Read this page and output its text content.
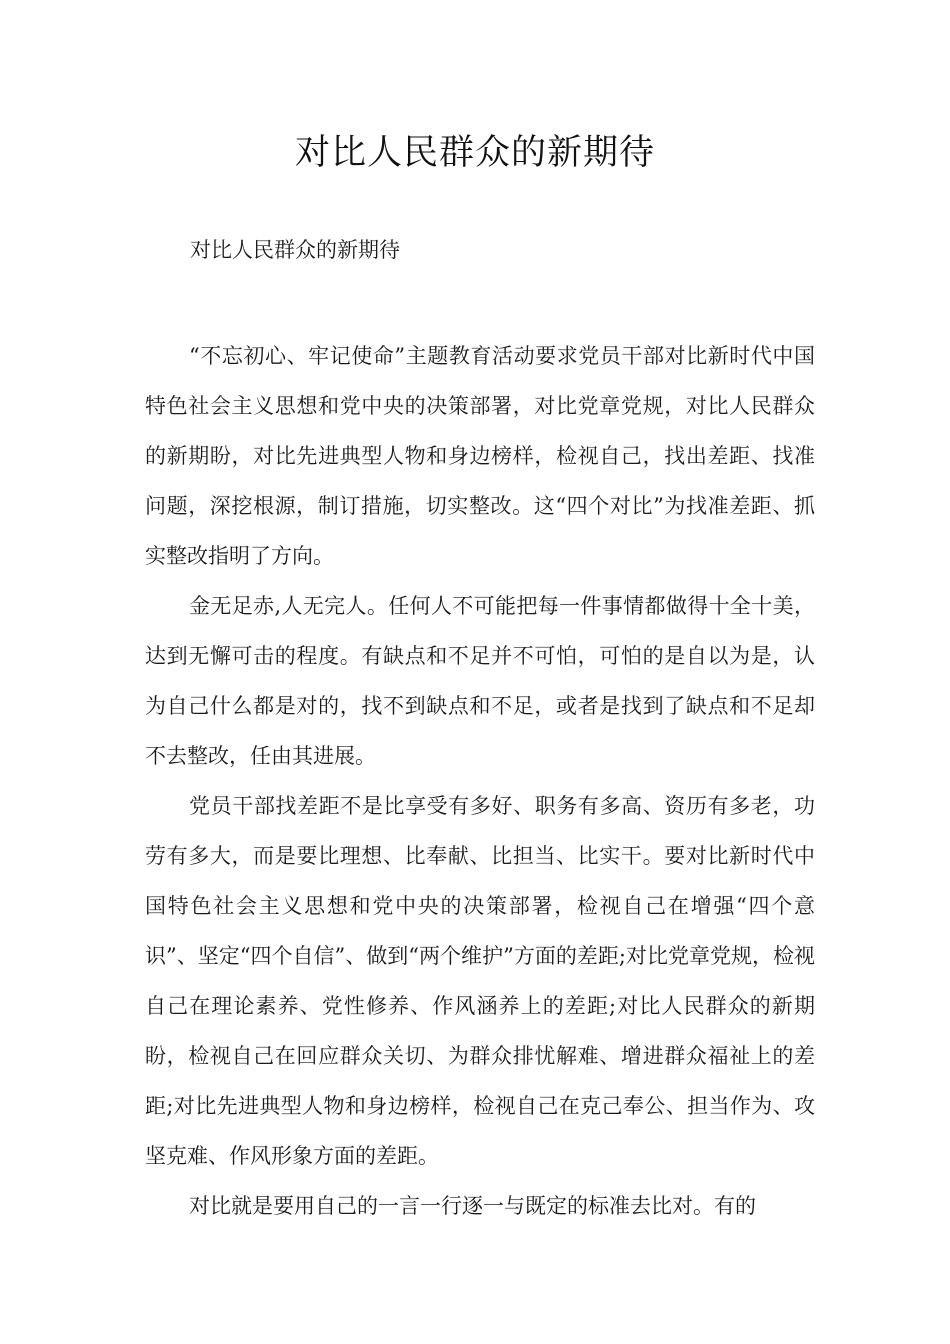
对比人民群众的新期待
对比人民群众的新期待

“不忘初心、牢记使命”主题教育活动要求党员干部对比新时代中国特色社会主义思想和党中央的决策部署，对比党章党规，对比人民群众的新期盼，对比先进典型人物和身边榜样，检视自己，找出差距、找准问题，深挖根源，制订措施，切实整改。这“四个对比”为找准差距、抓实整改指明了方向。

金无足赤,人无完人。任何人不可能把每一件事情都做得十全十美，达到无懈可击的程度。有缺点和不足并不可怕，可怕的是自以为是，认为自己什么都是对的，找不到缺点和不足，或者是找到了缺点和不足却不去整改，任由其进展。

党员干部找差距不是比享受有多好、职务有多高、资历有多老，功劳有多大，而是要比理想、比奉献、比担当、比实干。要对比新时代中国特色社会主义思想和党中央的决策部署，检视自己在增强“四个意识”、坚定“四个自信”、做到“两个维护”方面的差距;对比党章党规，检视自己在理论素养、党性修养、作风涵养上的差距;对比人民群众的新期盼，检视自己在回应群众关切、为群众排忧解难、增进群众福祉上的差距;对比先进典型人物和身边榜样，检视自己在克己奉公、担当作为、攻坚克难、作风形象方面的差距。

对比就是要用自己的一言一行逐一与既定的标准去比对。有的
